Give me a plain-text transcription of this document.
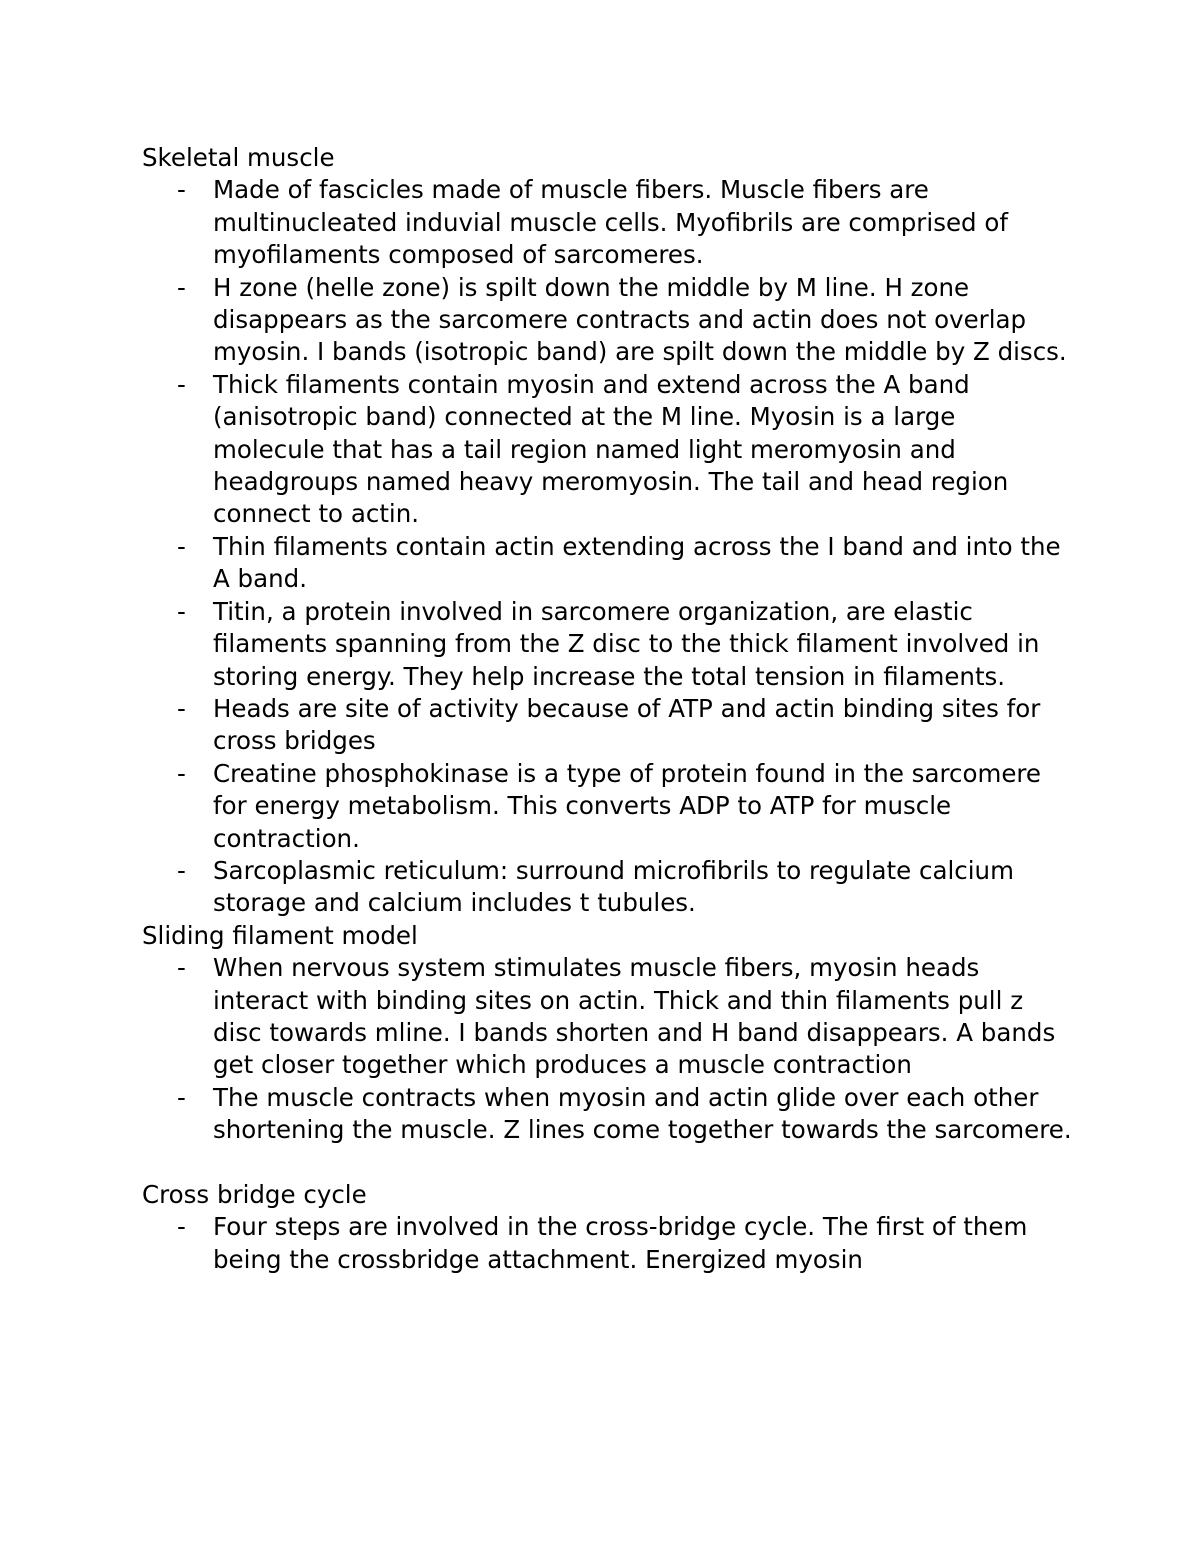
Skeletal muscle
- Made of fascicles made of muscle fibers. Muscle fibers are multinucleated induvial muscle cells. Myofibrils are comprised of myofilaments composed of sarcomeres.
- H zone (helle zone) is spilt down the middle by M line. H zone disappears as the sarcomere contracts and actin does not overlap myosin. I bands (isotropic band) are spilt down the middle by Z discs.
- Thick filaments contain myosin and extend across the A band (anisotropic band) connected at the M line. Myosin is a large molecule that has a tail region named light meromyosin and headgroups named heavy meromyosin. The tail and head region connect to actin.
- Thin filaments contain actin extending across the I band and into the A band.
- Titin, a protein involved in sarcomere organization, are elastic filaments spanning from the Z disc to the thick filament involved in storing energy. They help increase the total tension in filaments.
- Heads are site of activity because of ATP and actin binding sites for cross bridges
- Creatine phosphokinase is a type of protein found in the sarcomere for energy metabolism. This converts ADP to ATP for muscle contraction.
- Sarcoplasmic reticulum: surround microfibrils to regulate calcium storage and calcium includes t tubules.
Sliding filament model
- When nervous system stimulates muscle fibers, myosin heads interact with binding sites on actin. Thick and thin filaments pull z disc towards mline. I bands shorten and H band disappears. A bands get closer together which produces a muscle contraction
- The muscle contracts when myosin and actin glide over each other shortening the muscle. Z lines come together towards the sarcomere.
Cross bridge cycle
- Four steps are involved in the cross-bridge cycle. The first of them being the crossbridge attachment. Energized myosin
